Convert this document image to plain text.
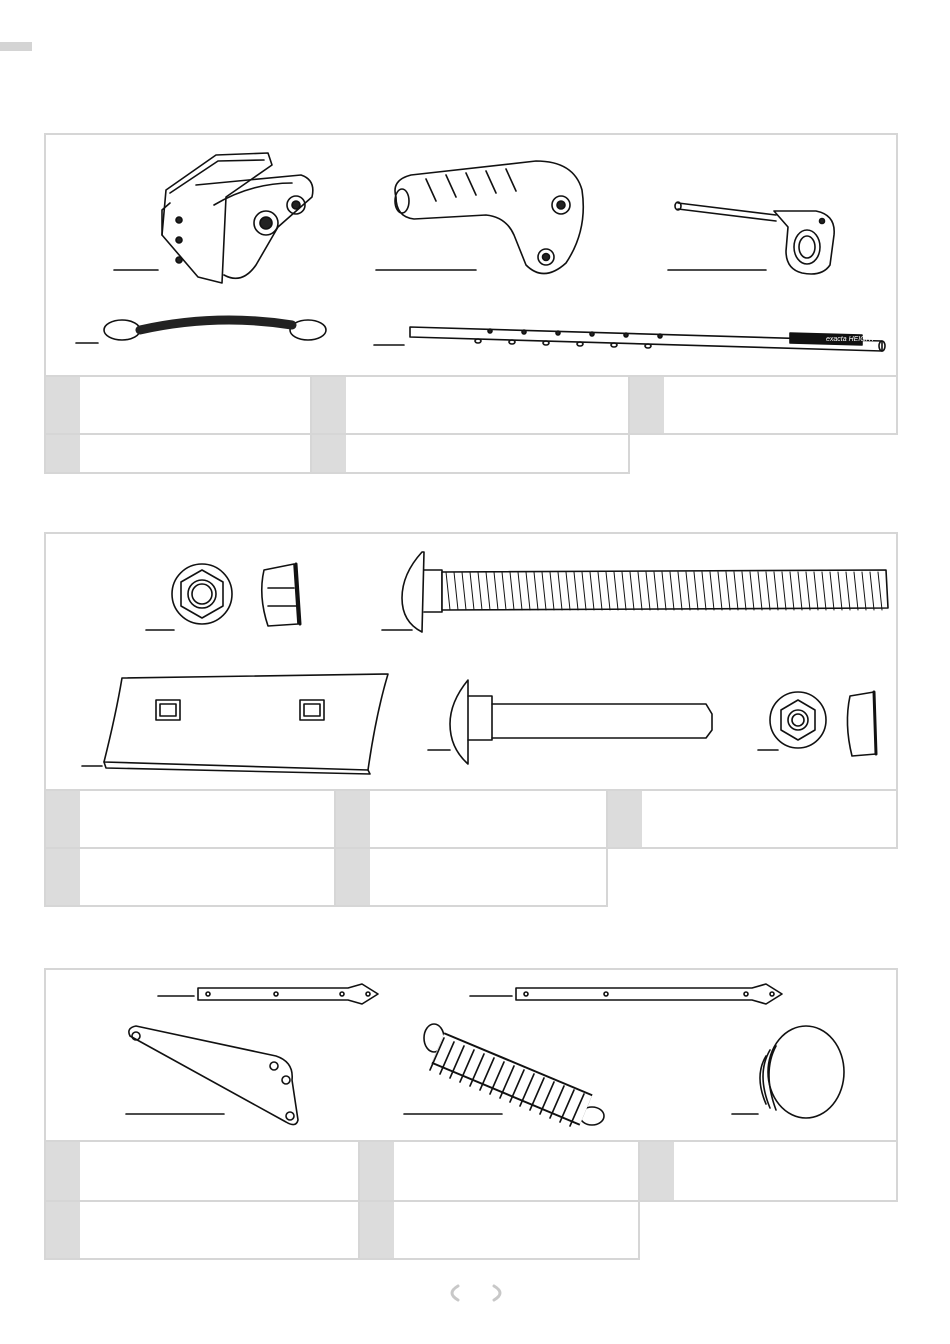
exacta HEIGHT
